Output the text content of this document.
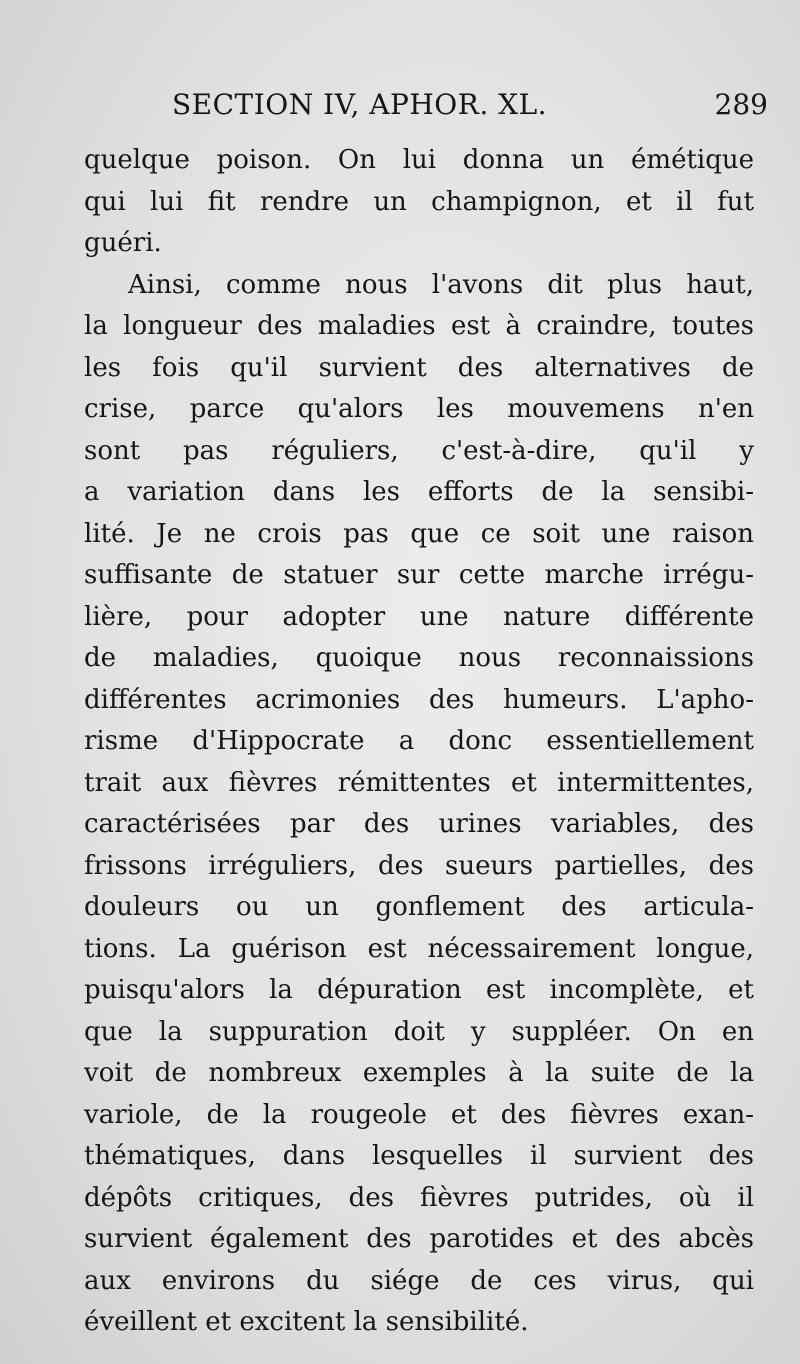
SECTION IV, APHOR. XL.	289
quelque poison. On lui donna un émétique
qui lui fit rendre un champignon, et il fut
guéri.
Ainsi, comme nous l'avons dit plus haut,
la longueur des maladies est à craindre, toutes
les fois qu'il survient des alternatives de
crise, parce qu'alors les mouvemens n'en
sont pas réguliers, c'est-à-dire, qu'il y
a variation dans les efforts de la sensibi-
lité. Je ne crois pas que ce soit une raison
suffisante de statuer sur cette marche irrégu-
lière, pour adopter une nature différente
de maladies, quoique nous reconnaissions
différentes acrimonies des humeurs. L'apho-
risme d'Hippocrate a donc essentiellement
trait aux fièvres rémittentes et intermittentes,
caractérisées par des urines variables, des
frissons irréguliers, des sueurs partielles, des
douleurs ou un gonflement des articula-
tions. La guérison est nécessairement longue,
puisqu'alors la dépuration est incomplète, et
que la suppuration doit y suppléer. On en
voit de nombreux exemples à la suite de la
variole, de la rougeole et des fièvres exan-
thématiques, dans lesquelles il survient des
dépôts critiques, des fièvres putrides, où il
survient également des parotides et des abcès
aux environs du siége de ces virus, qui
éveillent et excitent la sensibilité.
